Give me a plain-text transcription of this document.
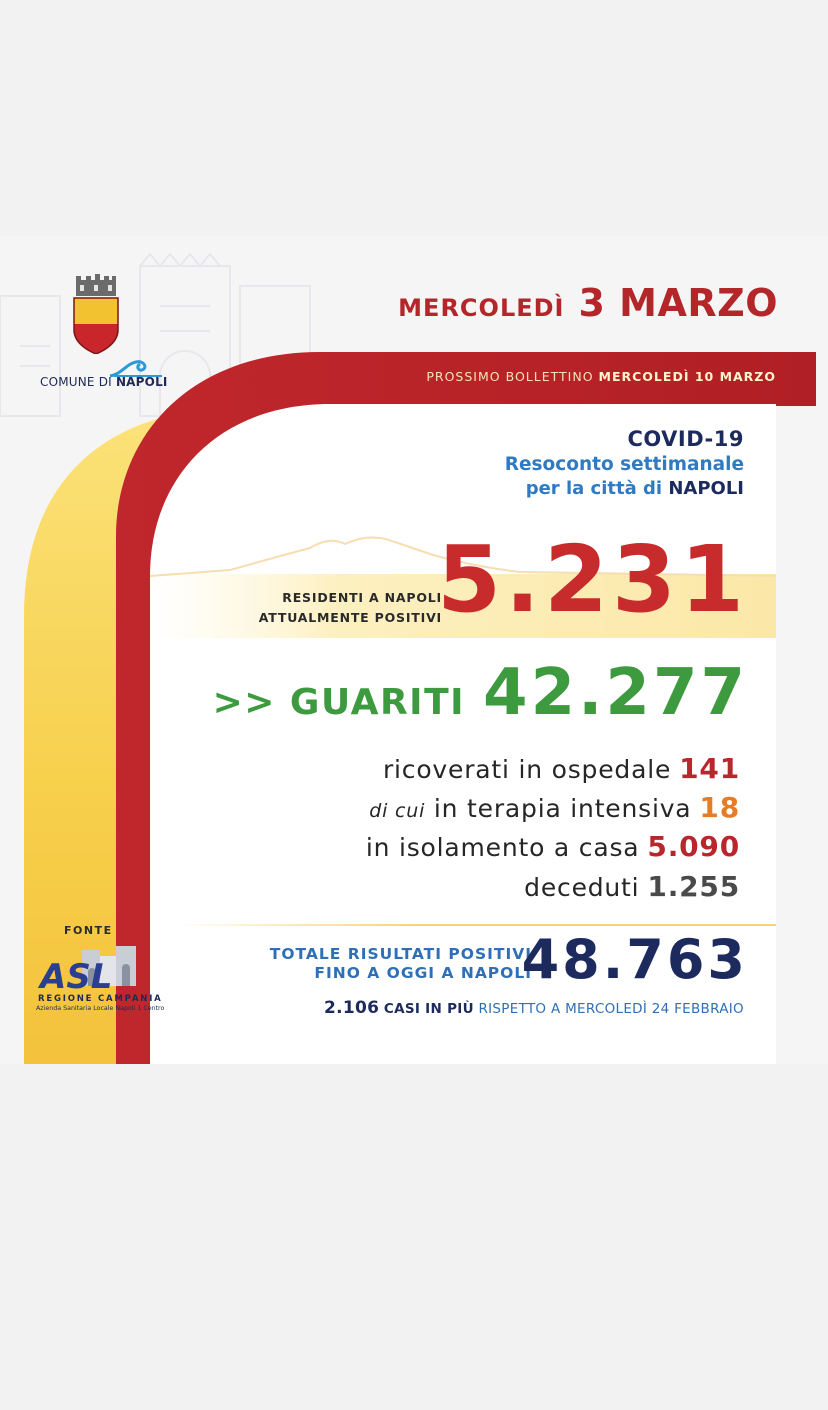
COMUNE DI NAPOLI
MERCOLEDÌ 3 MARZO
PROSSIMO BOLLETTINO MERCOLEDÌ 10 MARZO
COVID-19
Resoconto settimanale
per la città di NAPOLI
RESIDENTI A NAPOLI
ATTUALMENTE POSITIVI
5.231
>> GUARITI 42.277
ricoverati in ospedale 141
di cui in terapia intensiva 18
in isolamento a casa 5.090
deceduti 1.255
FONTE
ASL
REGIONE CAMPANIA
Azienda Sanitaria Locale Napoli 1 Centro
TOTALE RISULTATI POSITIVI
FINO A OGGI A NAPOLI
48.763
2.106 CASI IN PIÙ RISPETTO A MERCOLEDÌ 24 FEBBRAIO
